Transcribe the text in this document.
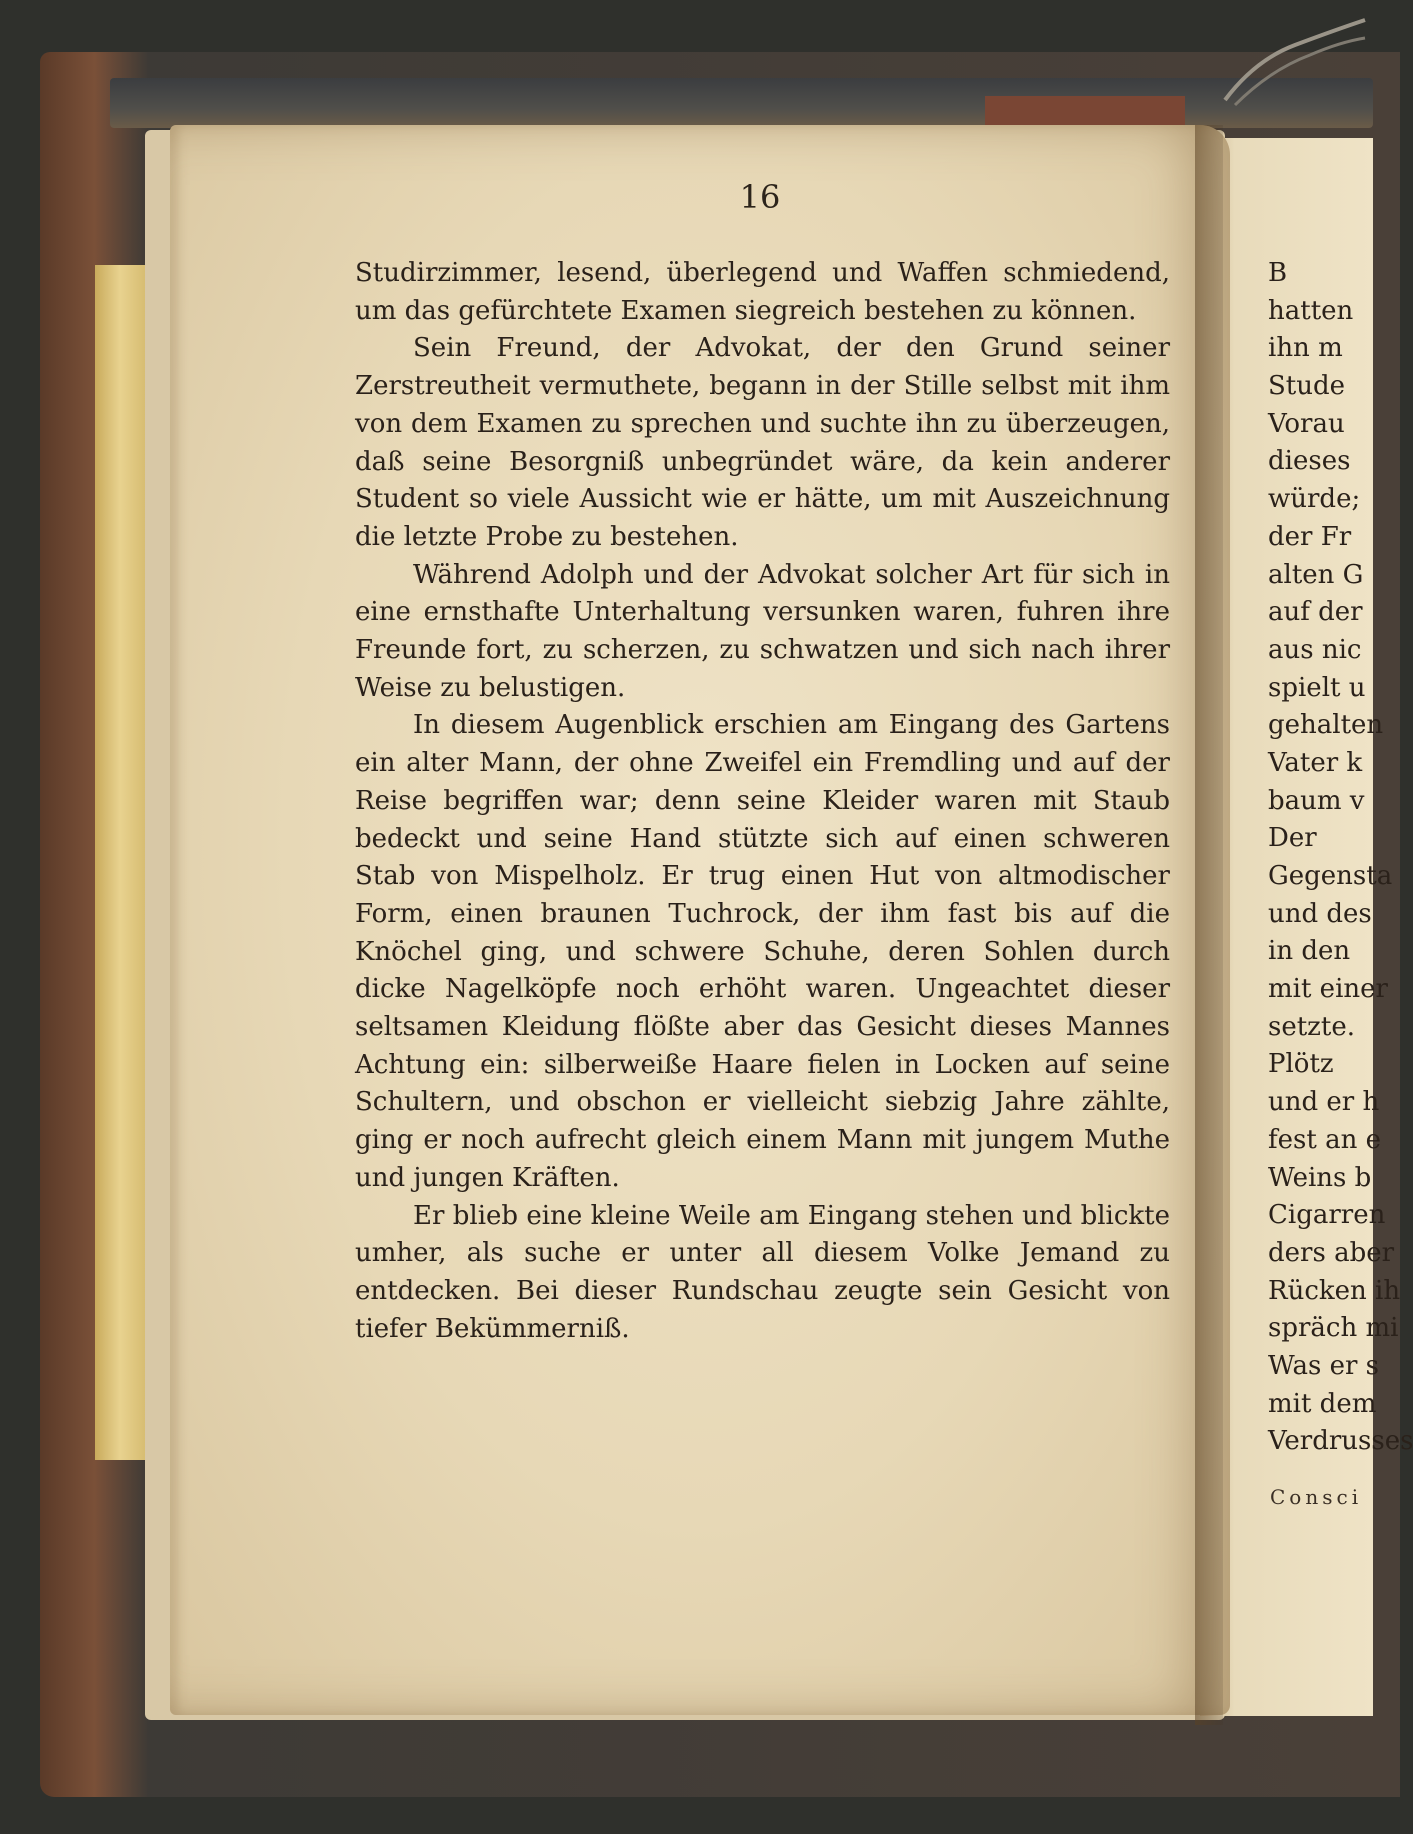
16

Studirzimmer, lesend, überlegend und Waffen schmiedend, um das gefürchtete Examen siegreich bestehen zu können.

Sein Freund, der Advokat, der den Grund seiner Zerstreutheit vermuthete, begann in der Stille selbst mit ihm von dem Examen zu sprechen und suchte ihn zu überzeugen, daß seine Besorgniß unbegründet wäre, da kein anderer Student so viele Aussicht wie er hätte, um mit Auszeichnung die letzte Probe zu bestehen.

Während Adolph und der Advokat solcher Art für sich in eine ernsthafte Unterhaltung versunken waren, fuhren ihre Freunde fort, zu scherzen, zu schwatzen und sich nach ihrer Weise zu belustigen.

In diesem Augenblick erschien am Eingang des Gartens ein alter Mann, der ohne Zweifel ein Fremdling und auf der Reise begriffen war; denn seine Kleider waren mit Staub bedeckt und seine Hand stützte sich auf einen schweren Stab von Mispelholz. Er trug einen Hut von altmodischer Form, einen braunen Tuchrock, der ihm fast bis auf die Knöchel ging, und schwere Schuhe, deren Sohlen durch dicke Nagelköpfe noch erhöht waren. Ungeachtet dieser seltsamen Kleidung flößte aber das Gesicht dieses Mannes Achtung ein: silberweiße Haare fielen in Locken auf seine Schultern, und obschon er vielleicht siebzig Jahre zählte, ging er noch aufrecht gleich einem Mann mit jungem Muthe und jungen Kräften.

Er blieb eine kleine Weile am Eingang stehen und blickte umher, als suche er unter all diesem Volke Jemand zu entdecken. Bei dieser Rundschau zeugte sein Gesicht von tiefer Bekümmerniß.

B
hatten
ihn m
Stude
Vorau
dieses
würde;
der Fr
alten G
auf der
aus nic
spielt u
gehalten
Vater k
baum v
Der
Gegensta
und des
in den
mit einer
setzte.
Plötz
und er h
fest an e
Weins b
Cigarren
ders aber
Rücken ih
spräch mi
Was er s
mit dem
Verdrusses
Consci
